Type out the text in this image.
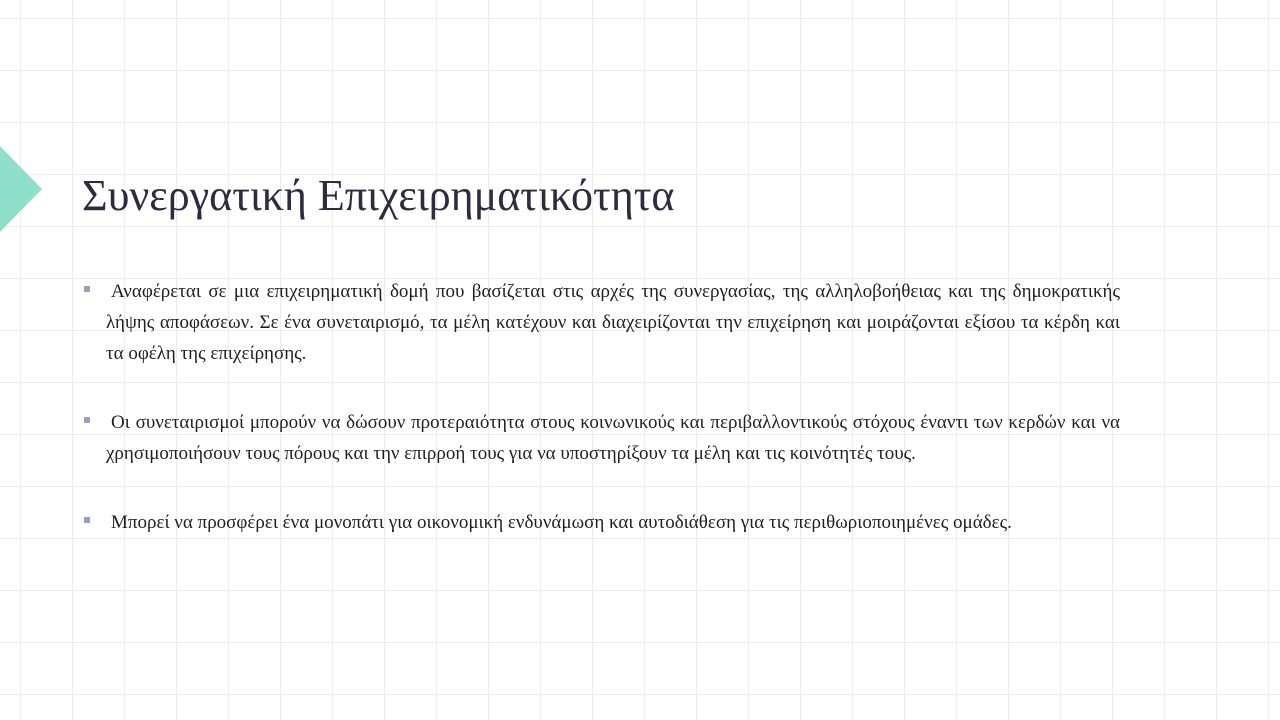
Συνεργατική Επιχειρηματικότητα
Αναφέρεται σε μια επιχειρηματική δομή που βασίζεται στις αρχές της συνεργασίας, της αλληλοβοήθειας και της δημοκρατικής λήψης αποφάσεων. Σε ένα συνεταιρισμό, τα μέλη κατέχουν και διαχειρίζονται την επιχείρηση και μοιράζονται εξίσου τα κέρδη και τα οφέλη της επιχείρησης.
Οι συνεταιρισμοί μπορούν να δώσουν προτεραιότητα στους κοινωνικούς και περιβαλλοντικούς στόχους έναντι των κερδών και να χρησιμοποιήσουν τους πόρους και την επιρροή τους για να υποστηρίξουν τα μέλη και τις κοινότητές τους.
Μπορεί να προσφέρει ένα μονοπάτι για οικονομική ενδυνάμωση και αυτοδιάθεση για τις περιθωριοποιημένες ομάδες.
